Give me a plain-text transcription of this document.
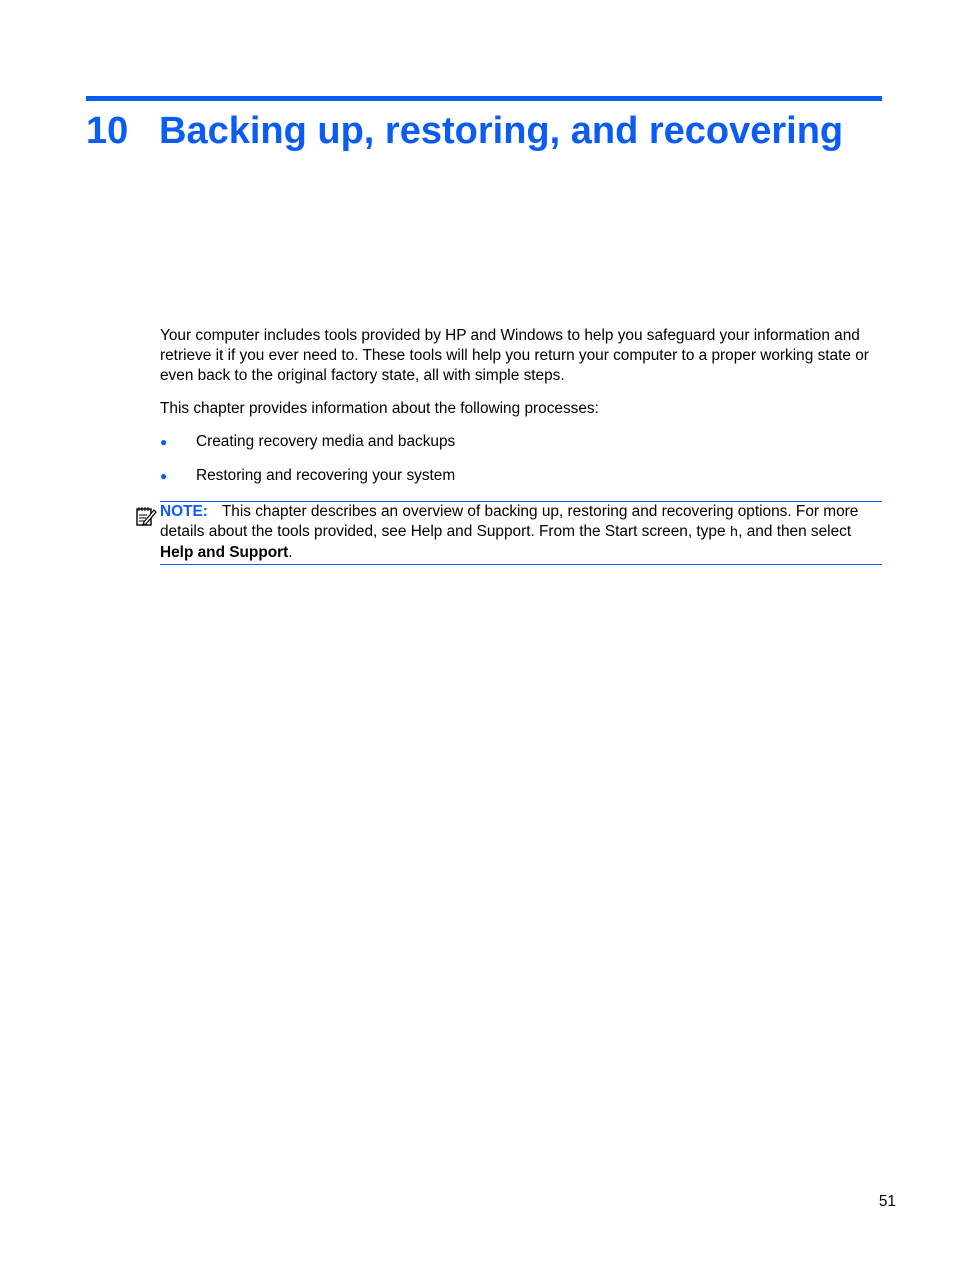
10 Backing up, restoring, and recovering

Your computer includes tools provided by HP and Windows to help you safeguard your information and retrieve it if you ever need to. These tools will help you return your computer to a proper working state or even back to the original factory state, all with simple steps.

This chapter provides information about the following processes:

● Creating recovery media and backups
● Restoring and recovering your system
NOTE: This chapter describes an overview of backing up, restoring and recovering options. For more details about the tools provided, see Help and Support. From the Start screen, type h, and then select Help and Support.
51
